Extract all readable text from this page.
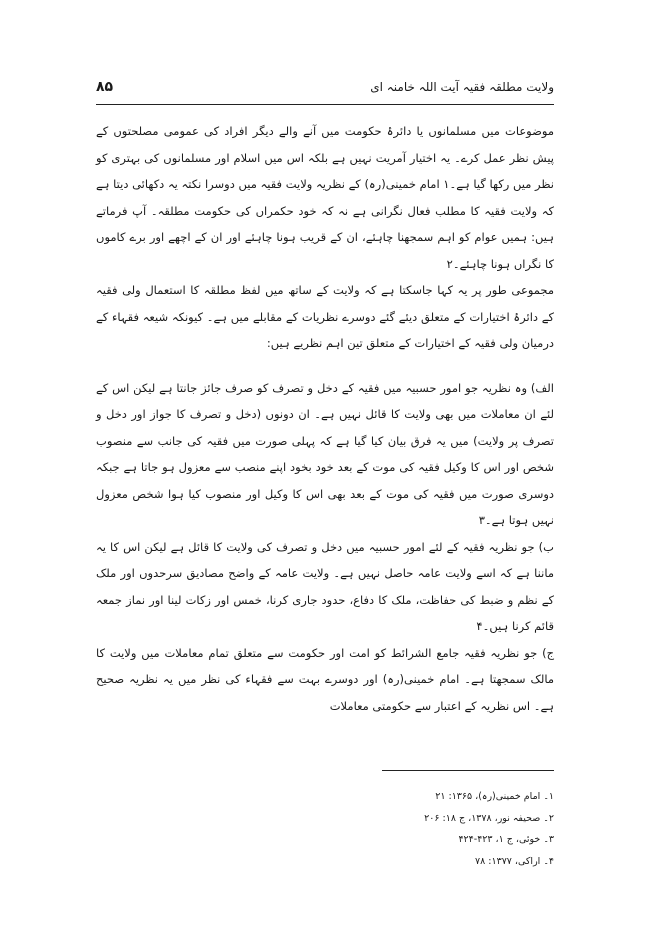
۸۵	ولایت مطلقہ فقیہ آیت اللہ خامنہ ای

موضوعات میں مسلمانوں یا دائرۂ حکومت میں آنے والے دیگر افراد کی عمومی مصلحتوں کے پیش نظر عمل کرے۔ یہ اختیار آمریت نہیں ہے بلکہ اس میں اسلام اور مسلمانوں کی بہتری کو نظر میں رکھا گیا ہے۔۱ امام خمینی(رہ) کے نظریہ ولایت فقیہ میں دوسرا نکتہ یہ دکھائی دیتا ہے کہ ولایت فقیہ کا مطلب فعال نگرانی ہے نہ کہ خود حکمراں کی حکومت مطلقہ۔ آپ فرماتے ہیں: ہمیں عوام کو اہم سمجھنا چاہئے، ان کے قریب ہونا چاہئے اور ان کے اچھے اور برے کاموں کا نگراں ہونا چاہئے۔۲

مجموعی طور پر یہ کہا جاسکتا ہے کہ ولایت کے ساتھ میں لفظ مطلقہ کا استعمال ولی فقیہ کے دائرۂ اختیارات کے متعلق دیئے گئے دوسرے نظریات کے مقابلے میں ہے۔ کیونکہ شیعہ فقہاء کے درمیان ولی فقیہ کے اختیارات کے متعلق تین اہم نظریے ہیں:

الف) وہ نظریہ جو امور حسبیہ میں فقیہ کے دخل و تصرف کو صرف جائز جانتا ہے لیکن اس کے لئے ان معاملات میں بھی ولایت کا قائل نہیں ہے۔ ان دونوں (دخل و تصرف کا جواز اور دخل و تصرف پر ولایت) میں یہ فرق بیان کیا گیا ہے کہ پہلی صورت میں فقیہ کی جانب سے منصوب شخص اور اس کا وکیل فقیہ کی موت کے بعد خود بخود اپنے منصب سے معزول ہو جاتا ہے جبکہ دوسری صورت میں فقیہ کی موت کے بعد بھی اس کا وکیل اور منصوب کیا ہوا شخص معزول نہیں ہوتا ہے۔۳

ب) جو نظریہ فقیہ کے لئے امور حسبیہ میں دخل و تصرف کی ولایت کا قائل ہے لیکن اس کا یہ ماننا ہے کہ اسے ولایت عامہ حاصل نہیں ہے۔ ولایت عامہ کے واضح مصادیق سرحدوں اور ملک کے نظم و ضبط کی حفاظت، ملک کا دفاع، حدود جاری کرنا، خمس اور زکات لینا اور نماز جمعہ قائم کرنا ہیں۔۴

ج) جو نظریہ فقیہ جامع الشرائط کو امت اور حکومت سے متعلق تمام معاملات میں ولایت کا مالک سمجھتا ہے۔ امام خمینی(رہ) اور دوسرے بہت سے فقہاء کی نظر میں یہ نظریہ صحیح ہے۔ اس نظریہ کے اعتبار سے حکومتی معاملات

۱۔ امام خمینی(رہ)، ۱۳۶۵: ۲۱
۲۔ صحیفہ نور، ۱۳۷۸، ج ۱۸: ۲۰۶
۳۔ خوئی، ج ۱، ۴۲۳-۴۲۴
۴۔ اراکی، ۱۳۷۷: ۷۸
